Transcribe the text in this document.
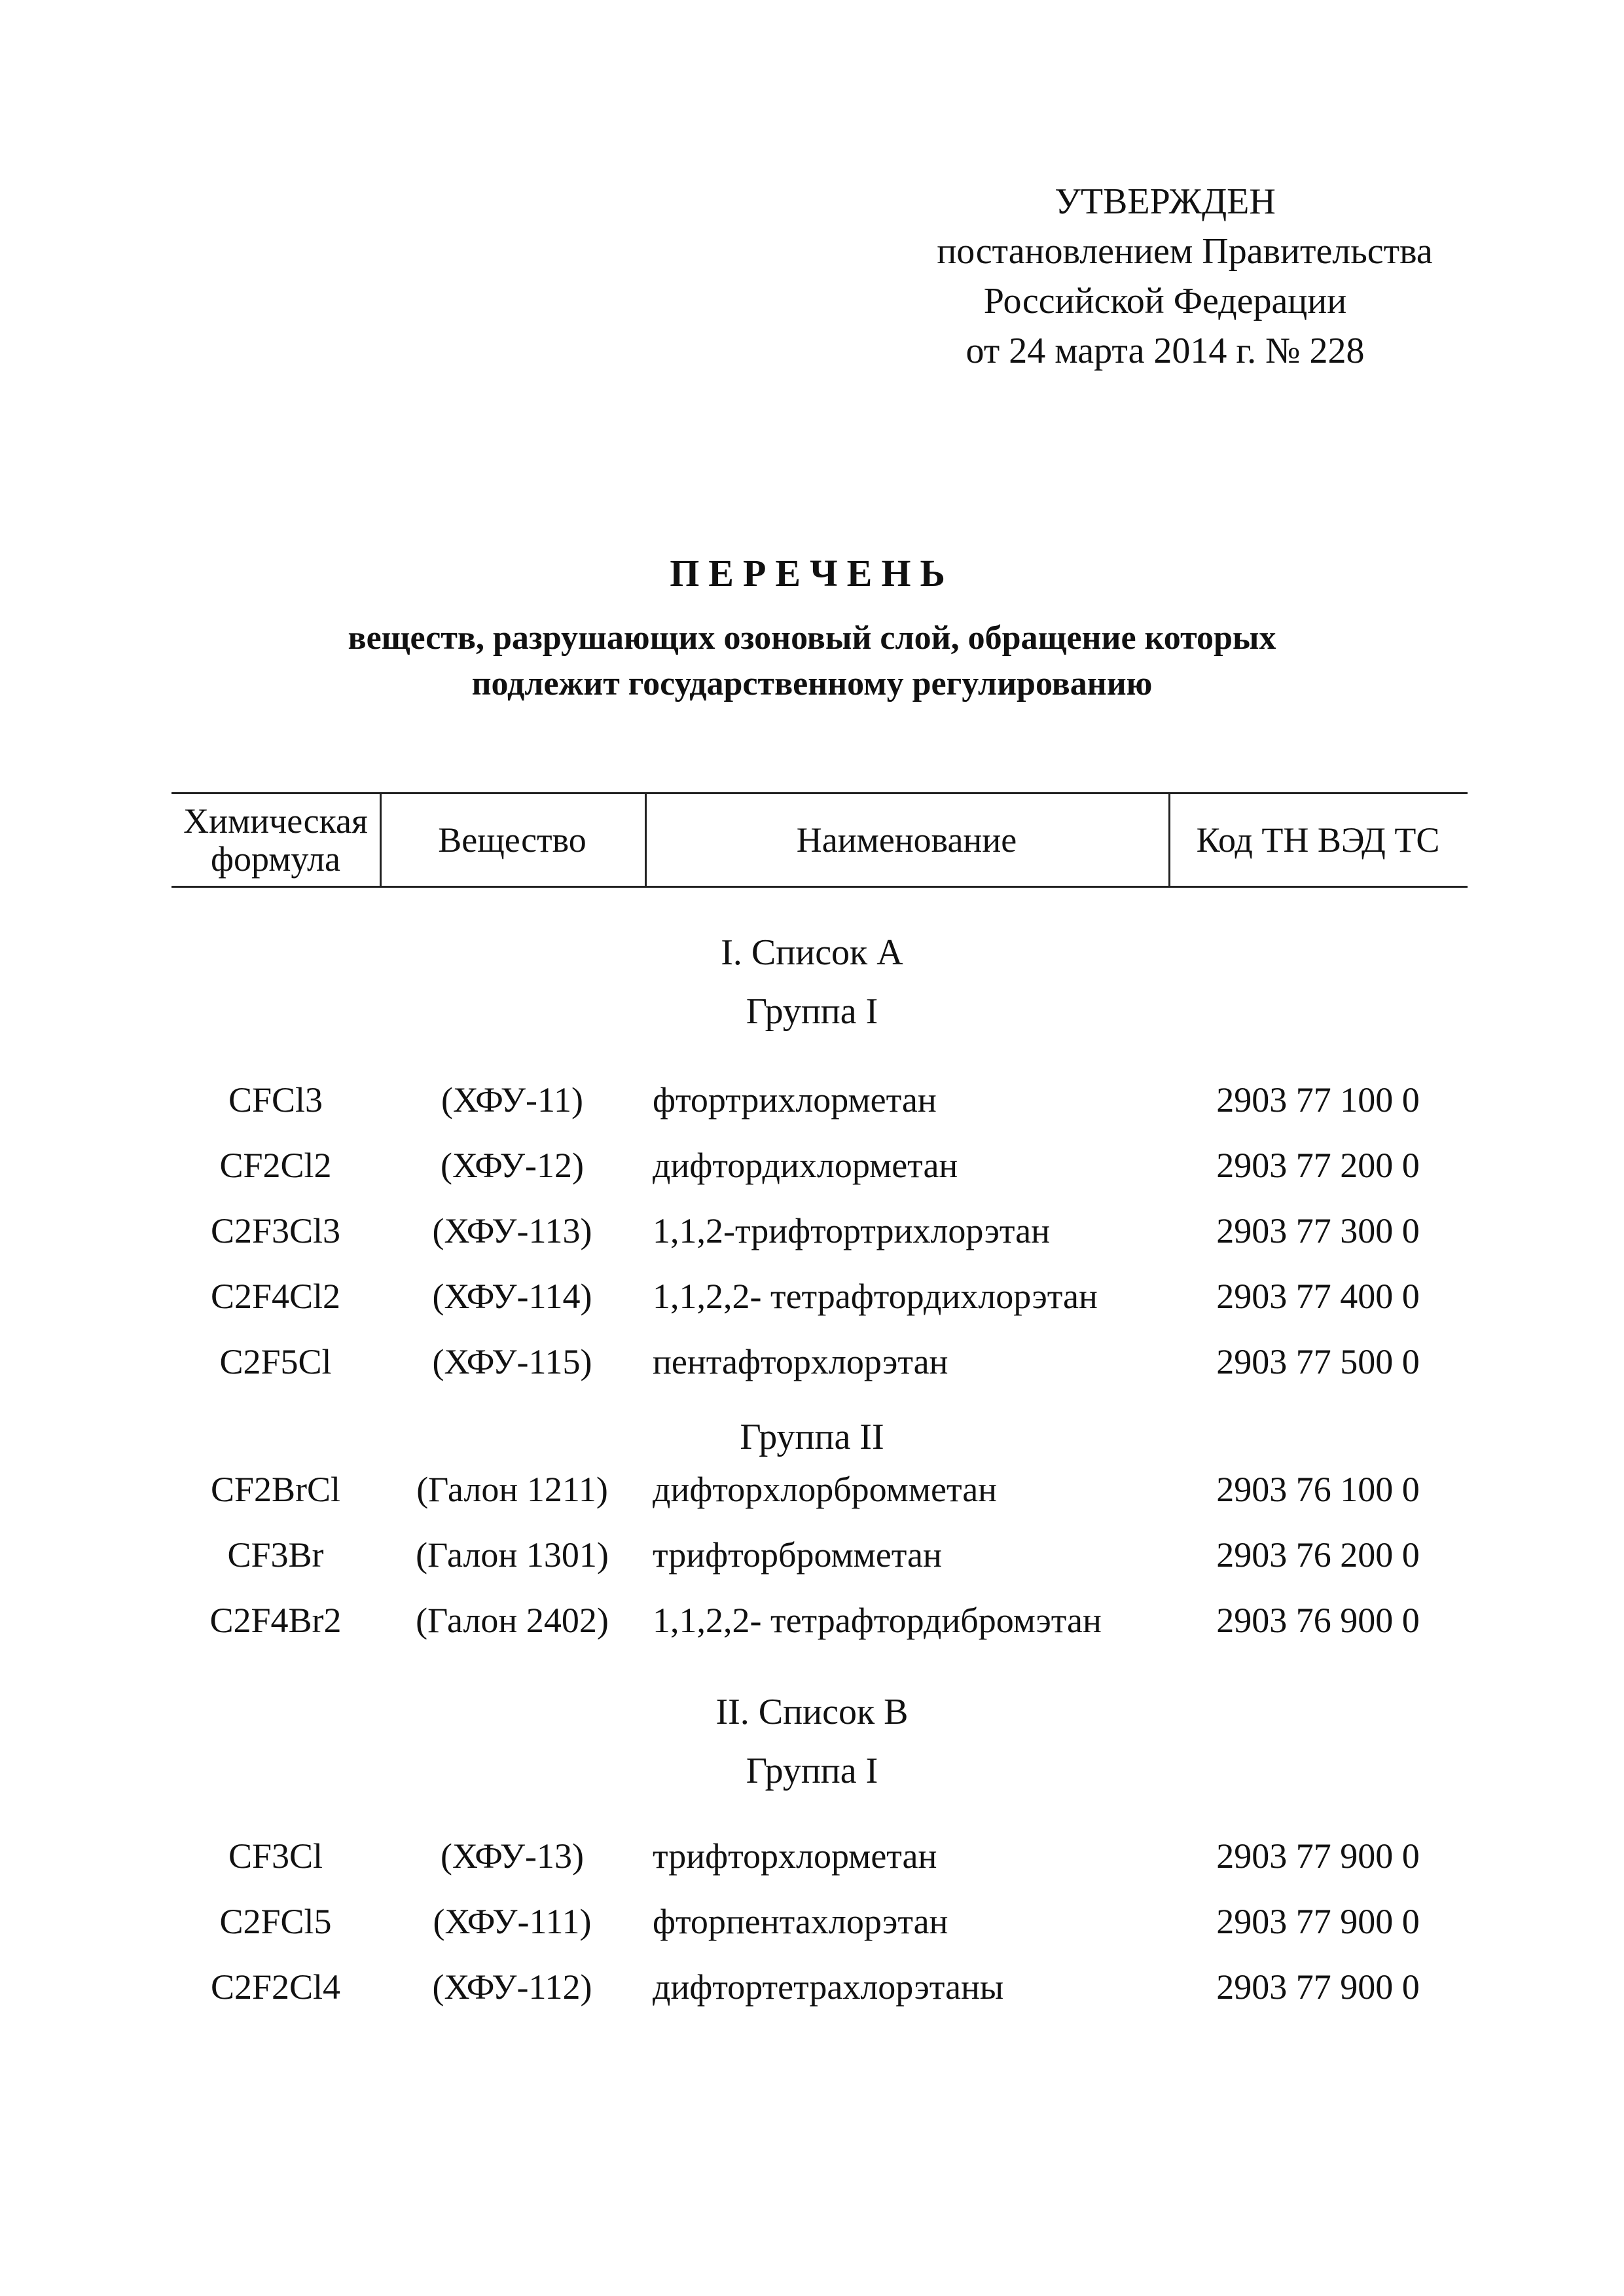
УТВЕРЖДЕН
постановлением Правительства
Российской Федерации
от 24 марта 2014 г. № 228
ПЕРЕЧЕНЬ
веществ, разрушающих озоновый слой, обращение которых
подлежит государственному регулированию
Химическая формула	Вещество	Наименование	Код ТН ВЭД ТС
I. Список А
Группа I
CFCl3	(ХФУ-11)	фтортрихлорметан	2903 77 100 0
CF2Cl2	(ХФУ-12)	дифтордихлорметан	2903 77 200 0
C2F3Cl3	(ХФУ-113)	1,1,2-трифтортрихлорэтан	2903 77 300 0
C2F4Cl2	(ХФУ-114)	1,1,2,2- тетрафтордихлорэтан	2903 77 400 0
C2F5Cl	(ХФУ-115)	пентафторхлорэтан	2903 77 500 0
Группа II
CF2BrCl	(Галон 1211)	дифторхлорбромметан	2903 76 100 0
CF3Br	(Галон 1301)	трифторбромметан	2903 76 200 0
C2F4Br2	(Галон 2402)	1,1,2,2- тетрафтордибромэтан	2903 76 900 0
II. Список В
Группа I
CF3Cl	(ХФУ-13)	трифторхлорметан	2903 77 900 0
C2FCl5	(ХФУ-111)	фторпентахлорэтан	2903 77 900 0
C2F2Cl4	(ХФУ-112)	дифтортетрахлорэтаны	2903 77 900 0
